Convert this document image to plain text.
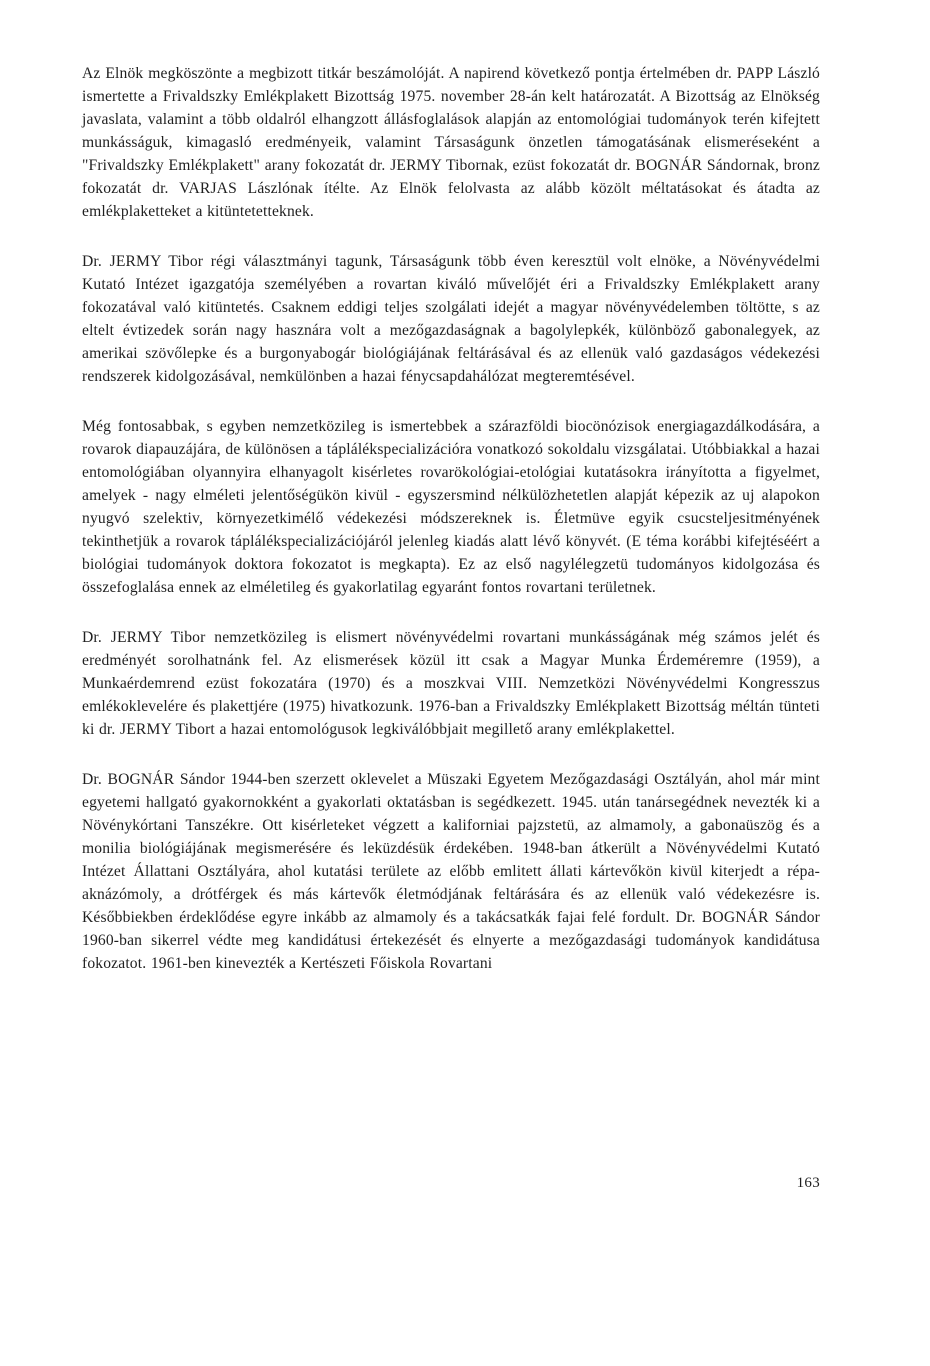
Az Elnök megköszönte a megbizott titkár beszámolóját. A napirend következő pontja értelmében dr. PAPP László ismertette a Frivaldszky Emlékplakett Bizottság 1975. november 28-án kelt határozatát. A Bizottság az Elnökség javaslata, valamint a több oldalról elhangzott állásfoglalások alapján az entomológiai tudományok terén kifejtett munkásságuk, kimagasló eredményeik, valamint Társaságunk önzetlen támogatásának elismeréseként a "Frivaldszky Emlékplakett" arany fokozatát dr. JERMY Tibornak, ezüst fokozatát dr. BOGNÁR Sándornak, bronz fokozatát dr. VARJAS Lászlónak ítélte. Az Elnök felolvasta az alább közölt méltatásokat és átadta az emlékplaketteket a kitüntetetteknek.

Dr. JERMY Tibor régi választmányi tagunk, Társaságunk több éven keresztül volt elnöke, a Növényvédelmi Kutató Intézet igazgatója személyében a rovartan kiváló művelőjét éri a Frivaldszky Emlékplakett arany fokozatával való kitüntetés. Csaknem eddigi teljes szolgálati idejét a magyar növényvédelemben töltötte, s az eltelt évtizedek során nagy hasznára volt a mezőgazdaságnak a bagolylepkék, különböző gabonalegyek, az amerikai szövőlepke és a burgonyabogár biológiájának feltárásával és az ellenük való gazdaságos védekezési rendszerek kidolgozásával, nemkülönben a hazai fénycsapdahálózat megteremtésével.

Még fontosabbak, s egyben nemzetközileg is ismertebbek a szárazföldi biocönózisok energiagazdálkodására, a rovarok diapauzájára, de különösen a táplálékspecializációra vonatkozó sokoldalu vizsgálatai. Utóbbiakkal a hazai entomológiában olyannyira elhanyagolt kisérletes rovarökológiai-etológiai kutatásokra irányította a figyelmet, amelyek - nagy elméleti jelentőségükön kivül - egyszersmind nélkülözhetetlen alapját képezik az uj alapokon nyugvó szelektiv, környezetkimélő védekezési módszereknek is. Életmüve egyik csucsteljesitményének tekinthetjük a rovarok táplálékspecializációjáról jelenleg kiadás alatt lévő könyvét. (E téma korábbi kifejtéséért a biológiai tudományok doktora fokozatot is megkapta). Ez az első nagylélegzetü tudományos kidolgozása és összefoglalása ennek az elméletileg és gyakorlatilag egyaránt fontos rovartani területnek.

Dr. JERMY Tibor nemzetközileg is elismert növényvédelmi rovartani munkásságának még számos jelét és eredményét sorolhatnánk fel. Az elismerések közül itt csak a Magyar Munka Érdeméremre (1959), a Munkaérdemrend ezüst fokozatára (1970) és a moszkvai VIII. Nemzetközi Növényvédelmi Kongresszus emlékoklevelére és plakettjére (1975) hivatkozunk. 1976-ban a Frivaldszky Emlékplakett Bizottság méltán tünteti ki dr. JERMY Tibort a hazai entomológusok legkiválóbbjait megillető arany emlékplakettel.

Dr. BOGNÁR Sándor 1944-ben szerzett oklevelet a Müszaki Egyetem Mezőgazdasági Osztályán, ahol már mint egyetemi hallgató gyakornokként a gyakorlati oktatásban is segédkezett. 1945. után tanársegédnek nevezték ki a Növénykórtani Tanszékre. Ott kisérleteket végzett a kaliforniai pajzstetü, az almamoly, a gabonaüszög és a monilia biológiájának megismerésére és leküzdésük érdekében. 1948-ban átkerült a Növényvédelmi Kutató Intézet Állattani Osztályára, ahol kutatási területe az előbb emlitett állati kártevőkön kivül kiterjedt a répa-aknázómoly, a drótférgek és más kártevők életmódjának feltárására és az ellenük való védekezésre is. Későbbiekben érdeklődése egyre inkább az almamoly és a takácsatkák fajai felé fordult. Dr. BOGNÁR Sándor 1960-ban sikerrel védte meg kandidátusi értekezését és elnyerte a mezőgazdasági tudományok kandidátusa fokozatot. 1961-ben kinevezték a Kertészeti Főiskola Rovartani

163
